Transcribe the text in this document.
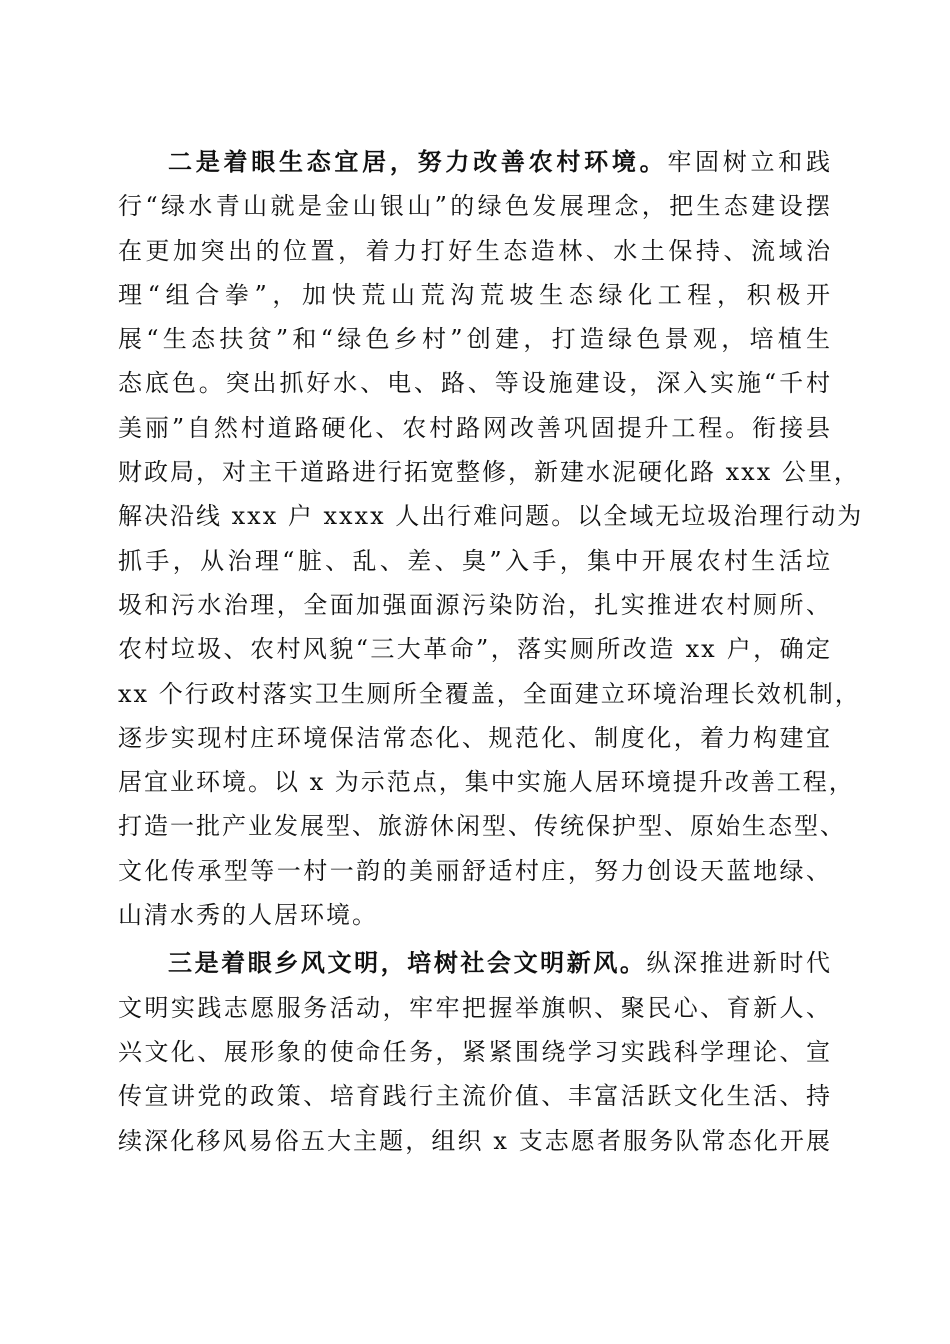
二是着眼生态宜居，努力改善农村环境。牢固树立和践
行“绿水青山就是金山银山”的绿色发展理念，把生态建设摆
在更加突出的位置，着力打好生态造林、水土保持、流域治
理“组合拳”，加快荒山荒沟荒坡生态绿化工程，积极开
展“生态扶贫”和“绿色乡村”创建，打造绿色景观，培植生
态底色。突出抓好水、电、路、等设施建设，深入实施“千村
美丽”自然村道路硬化、农村路网改善巩固提升工程。衔接县
财政局，对主干道路进行拓宽整修，新建水泥硬化路 xxx 公里，
解决沿线 xxx 户 xxxx 人出行难问题。以全域无垃圾治理行动为
抓手，从治理“脏、乱、差、臭”入手，集中开展农村生活垃
圾和污水治理，全面加强面源污染防治，扎实推进农村厕所、
农村垃圾、农村风貌“三大革命”，落实厕所改造 xx 户，确定
xx 个行政村落实卫生厕所全覆盖，全面建立环境治理长效机制，
逐步实现村庄环境保洁常态化、规范化、制度化，着力构建宜
居宜业环境。以 x 为示范点，集中实施人居环境提升改善工程，
打造一批产业发展型、旅游休闲型、传统保护型、原始生态型、
文化传承型等一村一韵的美丽舒适村庄，努力创设天蓝地绿、
山清水秀的人居环境。
三是着眼乡风文明，培树社会文明新风。纵深推进新时代
文明实践志愿服务活动，牢牢把握举旗帜、聚民心、育新人、
兴文化、展形象的使命任务，紧紧围绕学习实践科学理论、宣
传宣讲党的政策、培育践行主流价值、丰富活跃文化生活、持
续深化移风易俗五大主题，组织 x 支志愿者服务队常态化开展
